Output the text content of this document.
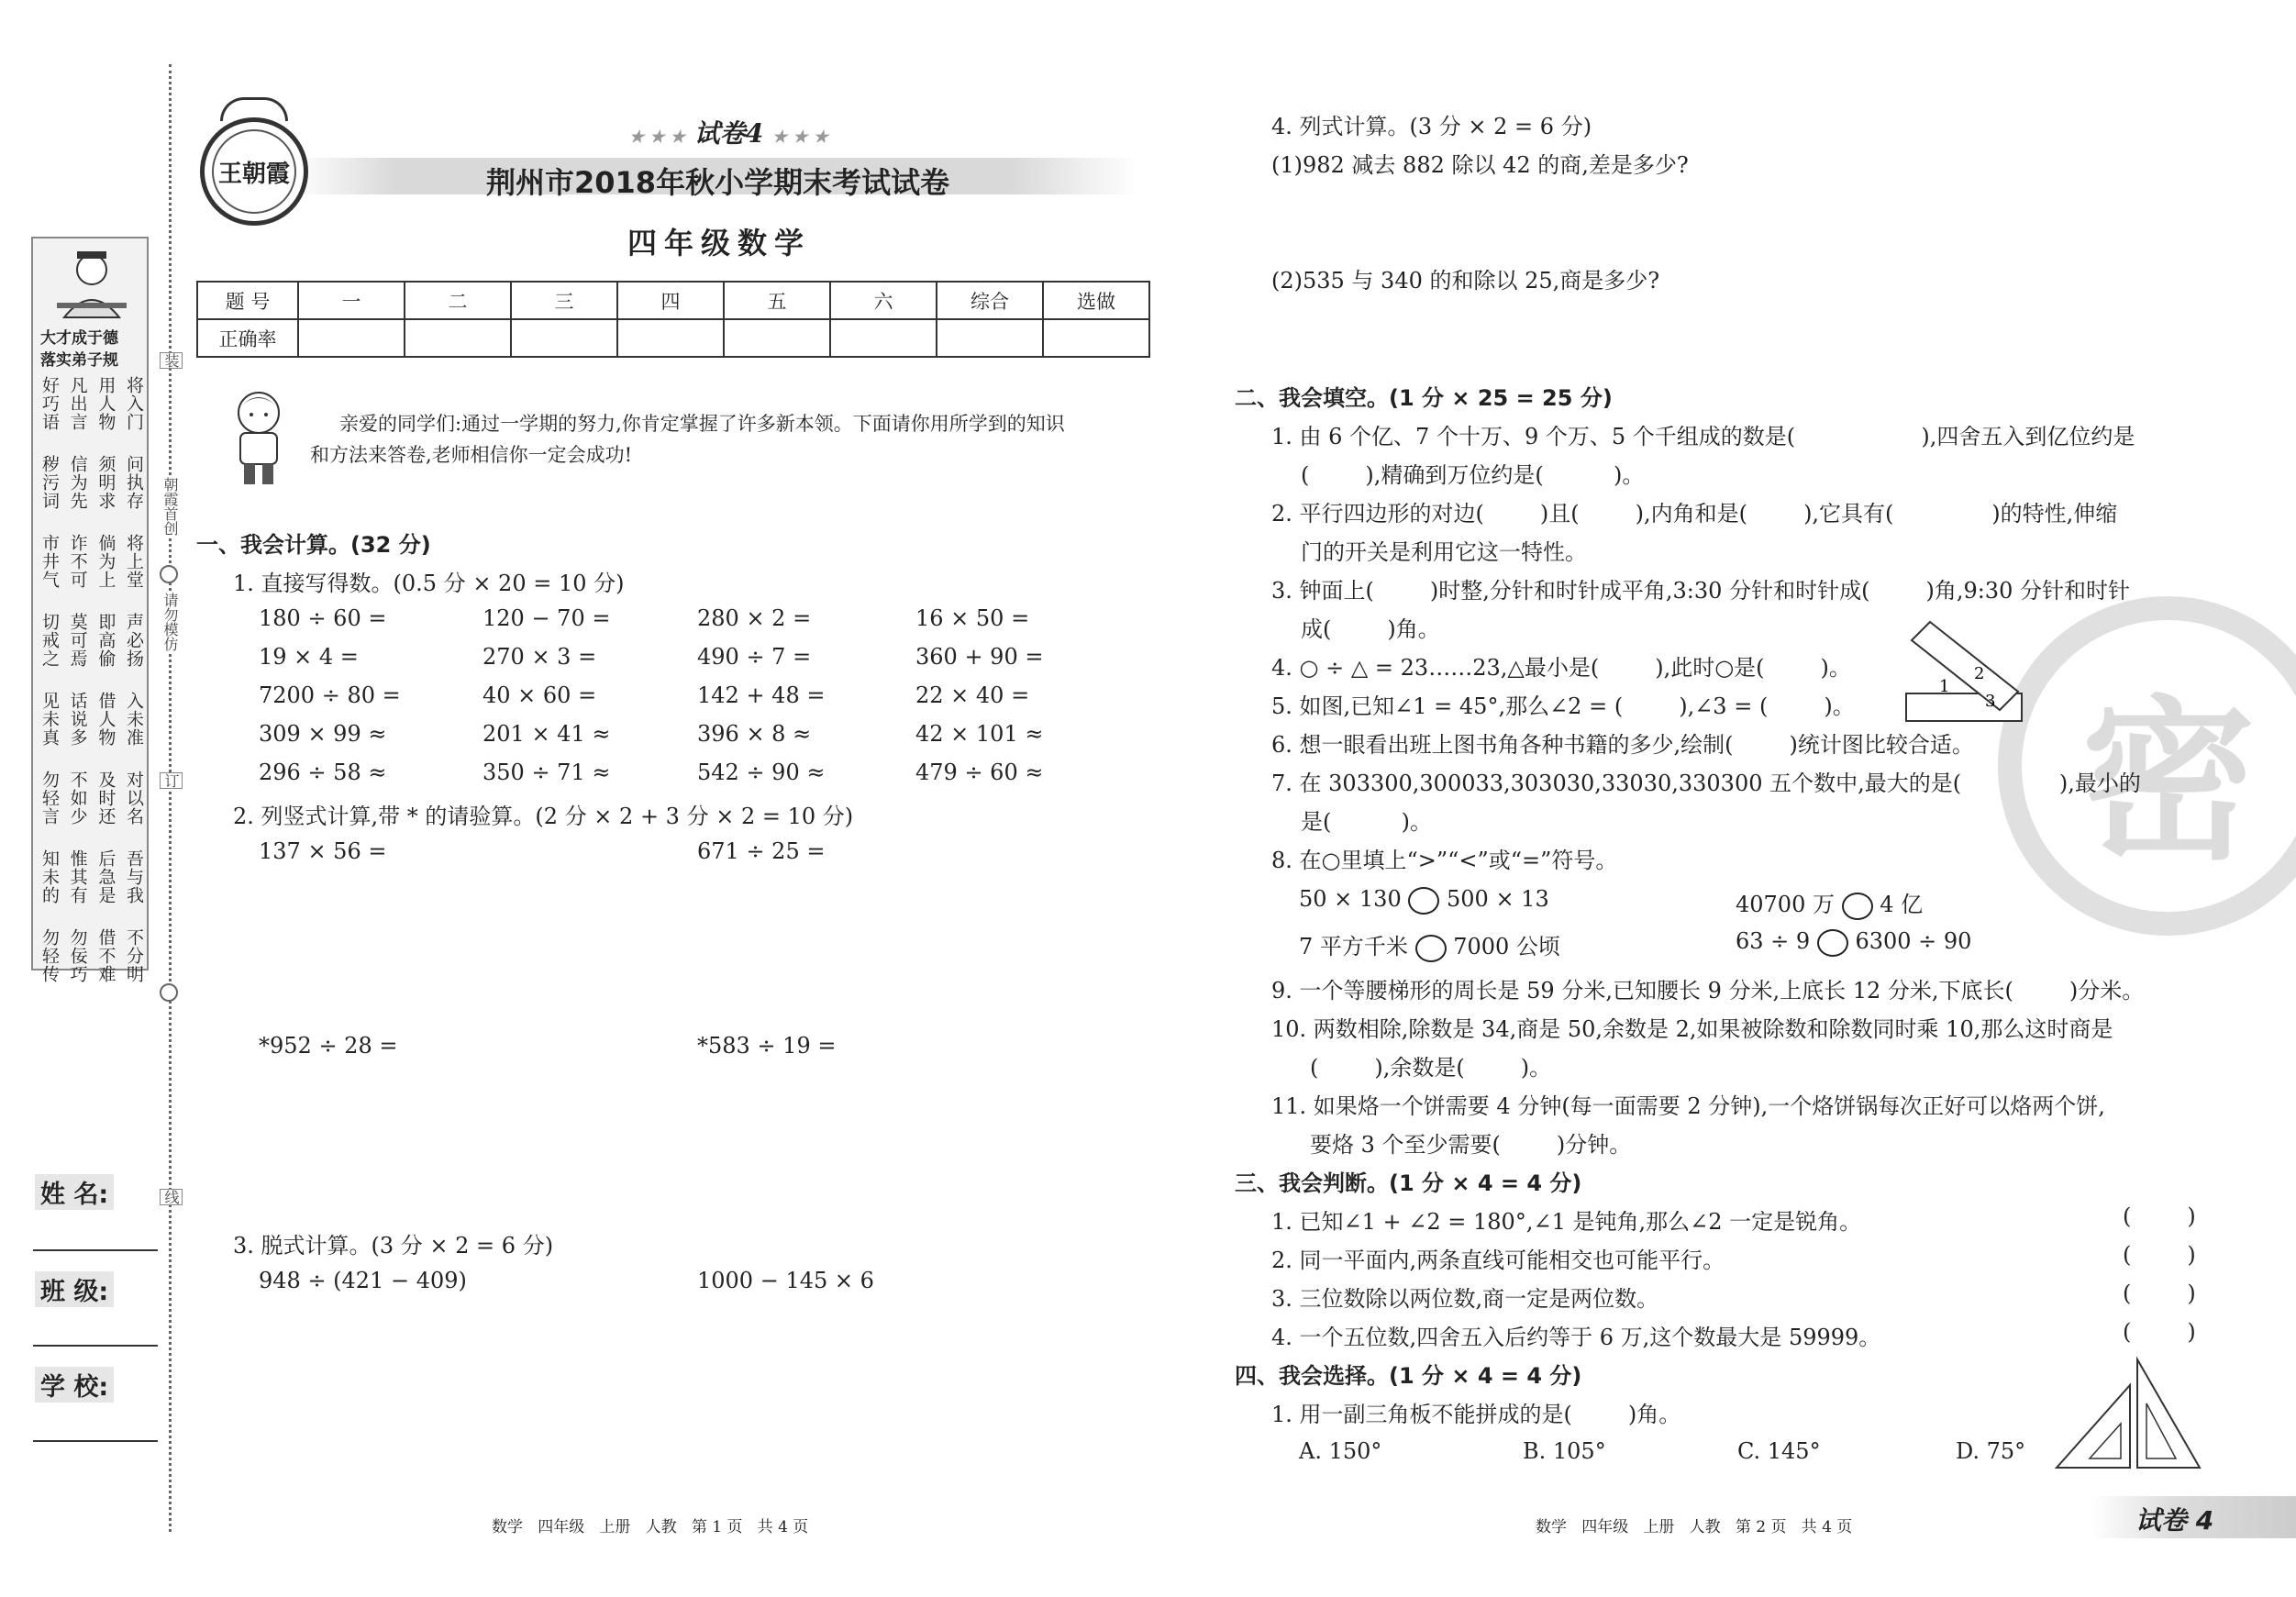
大才成于德
落实弟子规
好巧语 凡出言 用人物 将入门
秽污词 信为先 须明求 问执存
市井气 诈不可 倘为上 将上堂
切戒之 莫可焉 即高偷 声必扬
见未真 话说多 借人物 入未准
勿轻言 不如少 及时还 对以名
知未的 惟其有 后急是 吾与我
勿轻传 勿佞巧 借不难 不分明
装
朝霞首创
请勿模仿
订
线
姓 名:
班 级:
学 校:
王朝霞
★ ★ ★ 试卷4 ★ ★ ★
荆州市2018年秋小学期末考试试卷
四年级数学
题 号	一	二	三	四	五	六	综合	选做
正确率								
亲爱的同学们:通过一学期的努力,你肯定掌握了许多新本领。下面请你用所学到的知识
和方法来答卷,老师相信你一定会成功!
一、我会计算。(32 分)
1. 直接写得数。(0.5 分 × 20 = 10 分)
180 ÷ 60 =	120 − 70 =	280 × 2 =	16 × 50 =
19 × 4 =	270 × 3 =	490 ÷ 7 =	360 + 90 =
7200 ÷ 80 =	40 × 60 =	142 + 48 =	22 × 40 =
309 × 99 ≈	201 × 41 ≈	396 × 8 ≈	42 × 101 ≈
296 ÷ 58 ≈	350 ÷ 71 ≈	542 ÷ 90 ≈	479 ÷ 60 ≈
2. 列竖式计算,带 * 的请验算。(2 分 × 2 + 3 分 × 2 = 10 分)
137 × 56 =	671 ÷ 25 =
*952 ÷ 28 =	*583 ÷ 19 =
3. 脱式计算。(3 分 × 2 = 6 分)
948 ÷ (421 − 409)	1000 − 145 × 6
数学   四年级   上册   人教   第 1 页   共 4 页
密
4. 列式计算。(3 分 × 2 = 6 分)
(1)982 减去 882 除以 42 的商,差是多少?
(2)535 与 340 的和除以 25,商是多少?
二、我会填空。(1 分 × 25 = 25 分)
1. 由 6 个亿、7 个十万、9 个万、5 个千组成的数是(                  ),四舍五入到亿位约是
(        ),精确到万位约是(          )。
2. 平行四边形的对边(        )且(        ),内角和是(        ),它具有(              )的特性,伸缩
门的开关是利用它这一特性。
3. 钟面上(        )时整,分针和时针成平角,3:30 分针和时针成(        )角,9:30 分针和时针
成(        )角。
4. ○ ÷ △ = 23……23,△最小是(        ),此时○是(        )。
5. 如图,已知∠1 = 45°,那么∠2 = (        ),∠3 = (        )。
6. 想一眼看出班上图书角各种书籍的多少,绘制(        )统计图比较合适。
7. 在 303300,300033,303030,33030,330300 五个数中,最大的是(              ),最小的
是(          )。
8. 在○里填上“>”“<”或“=”符号。
1
2
3
50 × 130 500 × 13	40700 万 4 亿
7 平方千米 7000 公顷	63 ÷ 9 6300 ÷ 90
9. 一个等腰梯形的周长是 59 分米,已知腰长 9 分米,上底长 12 分米,下底长(        )分米。
10. 两数相除,除数是 34,商是 50,余数是 2,如果被除数和除数同时乘 10,那么这时商是
(        ),余数是(        )。
11. 如果烙一个饼需要 4 分钟(每一面需要 2 分钟),一个烙饼锅每次正好可以烙两个饼,
要烙 3 个至少需要(        )分钟。
三、我会判断。(1 分 × 4 = 4 分)
1. 已知∠1 + ∠2 = 180°,∠1 是钝角,那么∠2 一定是锐角。	(        )
2. 同一平面内,两条直线可能相交也可能平行。	(        )
3. 三位数除以两位数,商一定是两位数。	(        )
4. 一个五位数,四舍五入后约等于 6 万,这个数最大是 59999。	(        )
四、我会选择。(1 分 × 4 = 4 分)
1. 用一副三角板不能拼成的是(        )角。
A. 150°	B. 105°	C. 145°	D. 75°
数学   四年级   上册   人教   第 2 页   共 4 页	试卷 4
